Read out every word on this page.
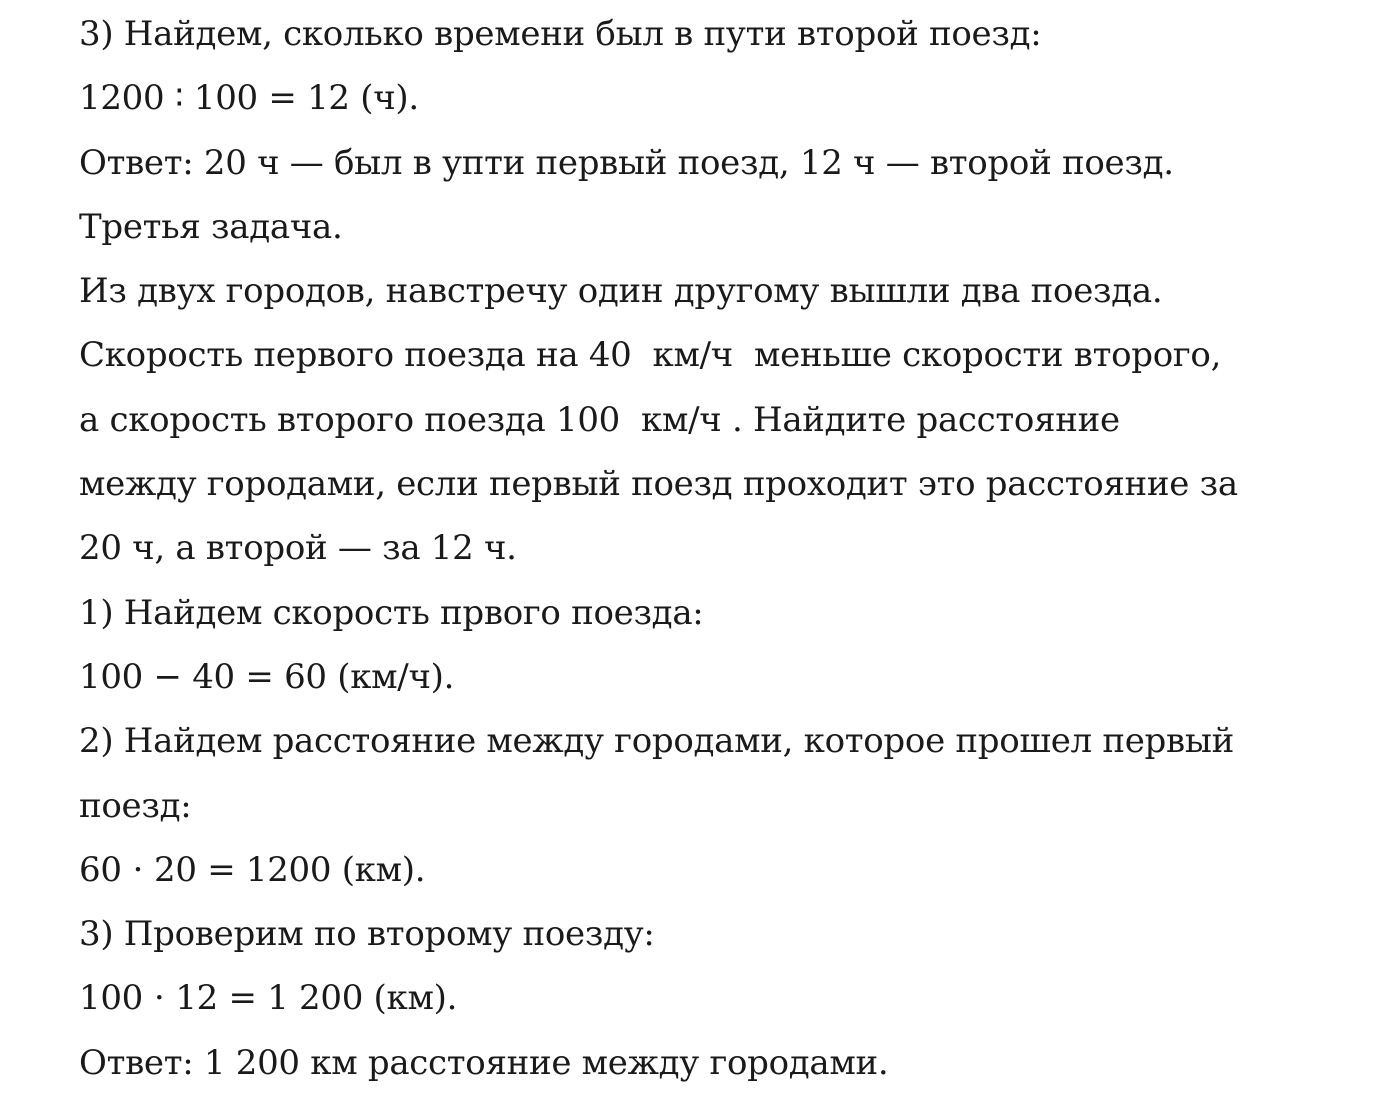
3) Найдем, сколько времени был в пути второй поезд:
1200 ∶ 100 = 12 (ч).
Ответ: 20 ч — был в упти первый поезд, 12 ч — второй поезд.
Третья задача.
Из двух городов, навстречу один другому вышли два поезда.
Скорость первого поезда на 40  км/ч  меньше скорости второго,
а скорость второго поезда 100  км/ч . Найдите расстояние
между городами, если первый поезд проходит это расстояние за
20 ч, а второй — за 12 ч.
1) Найдем скорость првого поезда:
100 − 40 = 60 (км/ч).
2) Найдем расстояние между городами, которое прошел первый
поезд:
60 ⋅ 20 = 1200 (км).
3) Проверим по второму поезду:
100 ⋅ 12 = 1 200 (км).
Ответ: 1 200 км расстояние между городами.
